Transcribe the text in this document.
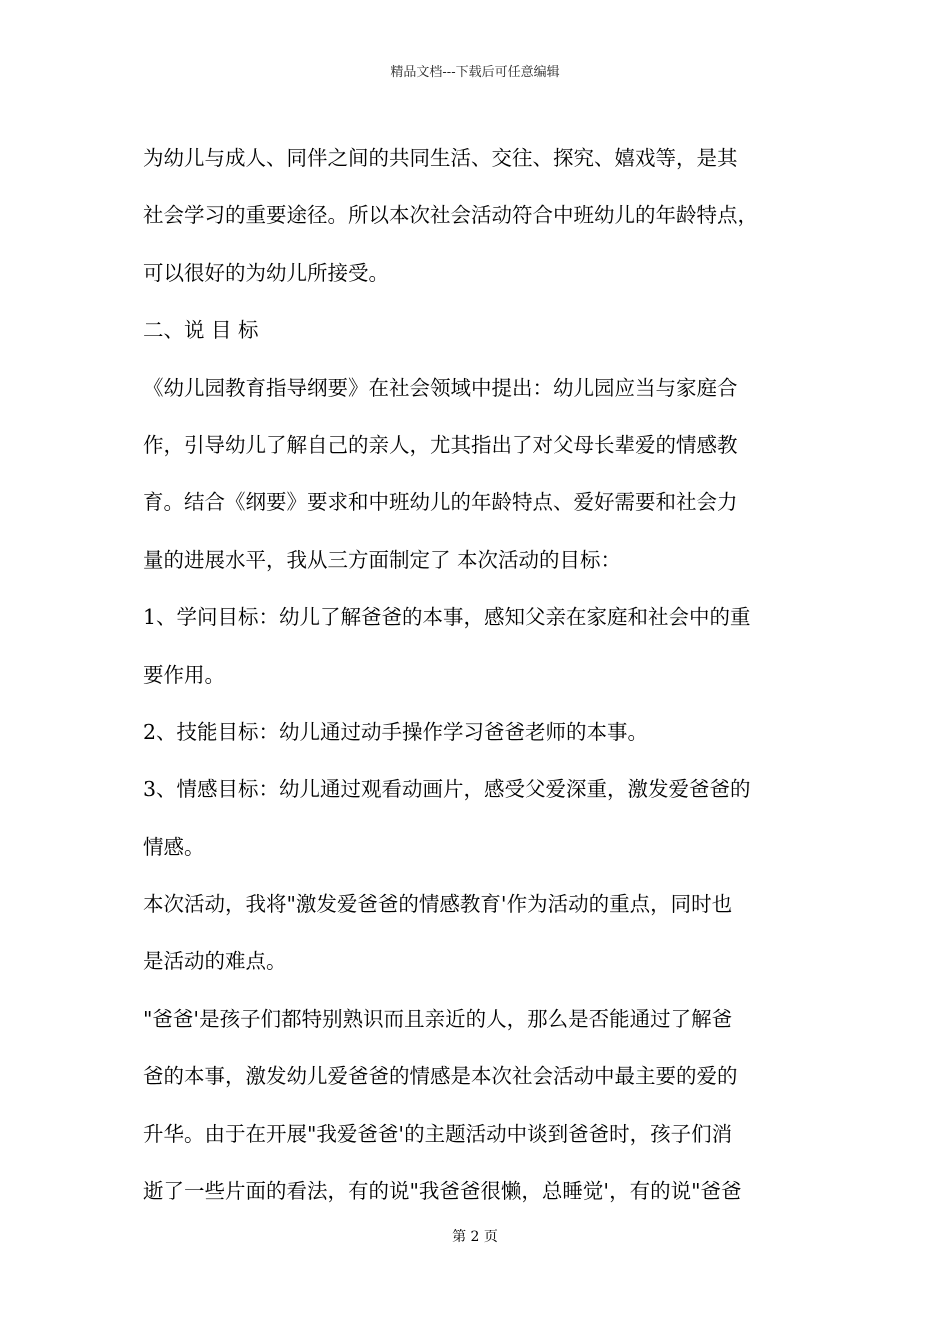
精品文档---下载后可任意编辑
为幼儿与成人、同伴之间的共同生活、交往、探究、嬉戏等，是其
社会学习的重要途径。所以本次社会活动符合中班幼儿的年龄特点，
可以很好的为幼儿所接受。
二、说 目 标
《幼儿园教育指导纲要》在社会领域中提出：幼儿园应当与家庭合
作，引导幼儿了解自己的亲人，尤其指出了对父母长辈爱的情感教
育。结合《纲要》要求和中班幼儿的年龄特点、爱好需要和社会力
量的进展水平，我从三方面制定了 本次活动的目标：
1、学问目标：幼儿了解爸爸的本事，感知父亲在家庭和社会中的重
要作用。
2、技能目标：幼儿通过动手操作学习爸爸老师的本事。
3、情感目标：幼儿通过观看动画片，感受父爱深重，激发爱爸爸的
情感。
本次活动，我将"激发爱爸爸的情感教育'作为活动的重点，同时也
是活动的难点。
"爸爸'是孩子们都特别熟识而且亲近的人，那么是否能通过了解爸
爸的本事，激发幼儿爱爸爸的情感是本次社会活动中最主要的爱的
升华。由于在开展"我爱爸爸'的主题活动中谈到爸爸时，孩子们消
逝了一些片面的看法，有的说"我爸爸很懒，总睡觉'，有的说"爸爸
第 2 页
